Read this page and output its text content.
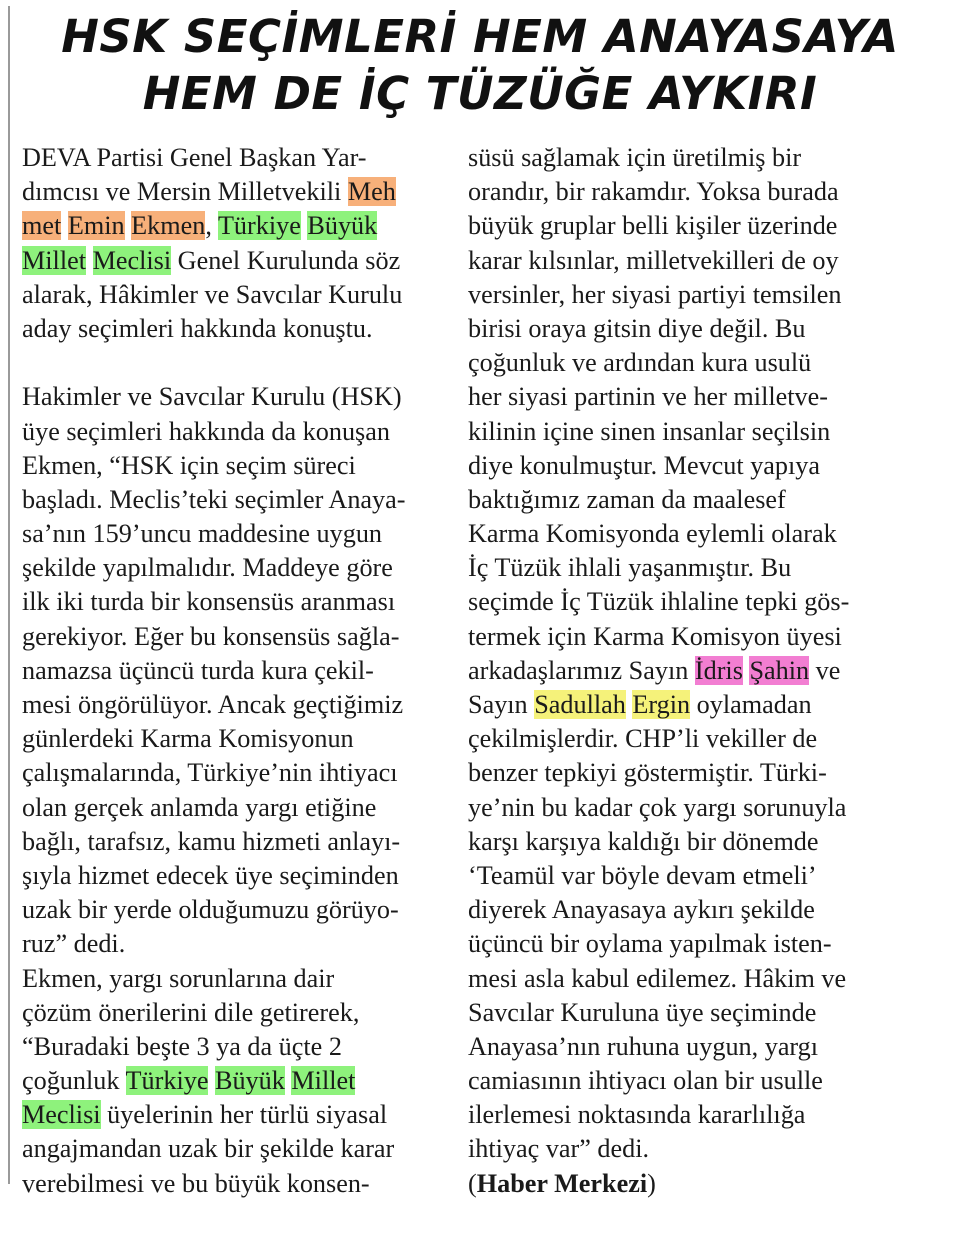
HSK SEÇİMLERİ HEM ANAYASAYA
HEM DE İÇ TÜZÜĞE AYKIRI
DEVA Partisi Genel Başkan Yar-
dımcısı ve Mersin Milletvekili Meh
met Emin Ekmen, Türkiye Büyük
Millet Meclisi Genel Kurulunda söz
alarak, Hâkimler ve Savcılar Kurulu
aday seçimleri hakkında konuştu.
Hakimler ve Savcılar Kurulu (HSK)
üye seçimleri hakkında da konuşan
Ekmen, “HSK için seçim süreci
başladı. Meclis’teki seçimler Anaya-
sa’nın 159’uncu maddesine uygun
şekilde yapılmalıdır. Maddeye göre
ilk iki turda bir konsensüs aranması
gerekiyor. Eğer bu konsensüs sağla-
namazsa üçüncü turda kura çekil-
mesi öngörülüyor. Ancak geçtiğimiz
günlerdeki Karma Komisyonun
çalışmalarında, Türkiye’nin ihtiyacı
olan gerçek anlamda yargı etiğine
bağlı, tarafsız, kamu hizmeti anlayı-
şıyla hizmet edecek üye seçiminden
uzak bir yerde olduğumuzu görüyo-
ruz” dedi.
Ekmen, yargı sorunlarına dair
çözüm önerilerini dile getirerek,
“Buradaki beşte 3 ya da üçte 2
çoğunluk Türkiye Büyük Millet
Meclisi üyelerinin her türlü siyasal
angajmandan uzak bir şekilde karar
verebilmesi ve bu büyük konsen-
süsü sağlamak için üretilmiş bir
orandır, bir rakamdır. Yoksa burada
büyük gruplar belli kişiler üzerinde
karar kılsınlar, milletvekilleri de oy
versinler, her siyasi partiyi temsilen
birisi oraya gitsin diye değil. Bu
çoğunluk ve ardından kura usulü
her siyasi partinin ve her milletve-
kilinin içine sinen insanlar seçilsin
diye konulmuştur. Mevcut yapıya
baktığımız zaman da maalesef
Karma Komisyonda eylemli olarak
İç Tüzük ihlali yaşanmıştır. Bu
seçimde İç Tüzük ihlaline tepki gös-
termek için Karma Komisyon üyesi
arkadaşlarımız Sayın İdris Şahin ve
Sayın Sadullah Ergin oylamadan
çekilmişlerdir. CHP’li vekiller de
benzer tepkiyi göstermiştir. Türki-
ye’nin bu kadar çok yargı sorunuyla
karşı karşıya kaldığı bir dönemde
‘Teamül var böyle devam etmeli’
diyerek Anayasaya aykırı şekilde
üçüncü bir oylama yapılmak isten-
mesi asla kabul edilemez. Hâkim ve
Savcılar Kuruluna üye seçiminde
Anayasa’nın ruhuna uygun, yargı
camiasının ihtiyacı olan bir usulle
ilerlemesi noktasında kararlılığa
ihtiyaç var” dedi.
(Haber Merkezi)
